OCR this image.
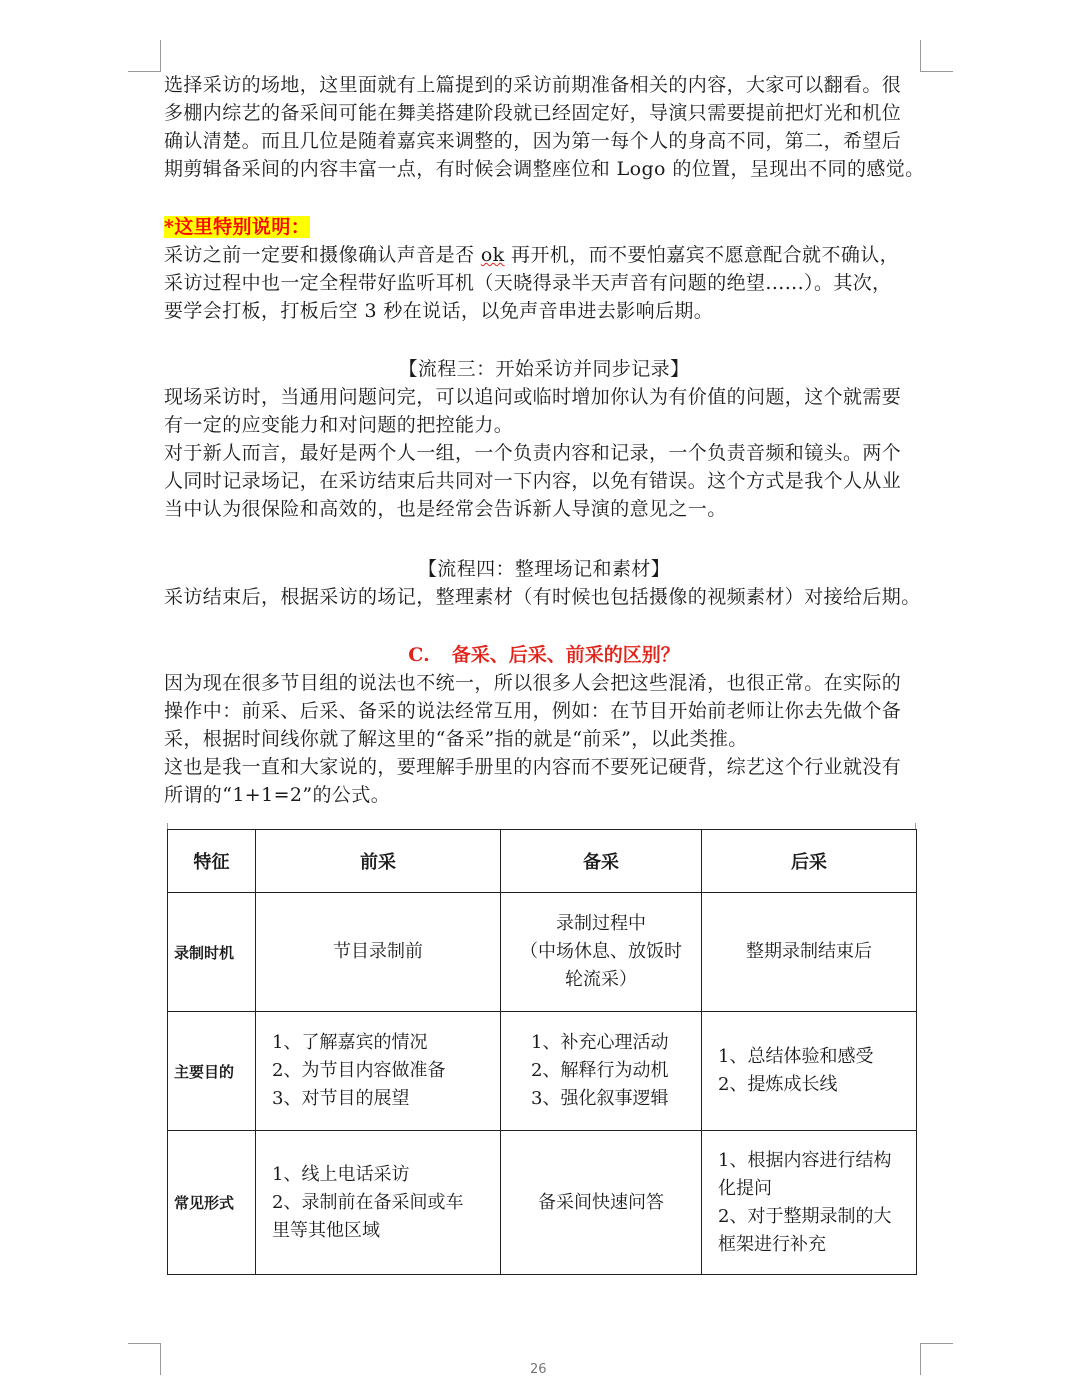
选择采访的场地，这里面就有上篇提到的采访前期准备相关的内容，大家可以翻看。很
多棚内综艺的备采间可能在舞美搭建阶段就已经固定好，导演只需要提前把灯光和机位
确认清楚。而且几位是随着嘉宾来调整的，因为第一每个人的身高不同，第二，希望后
期剪辑备采间的内容丰富一点，有时候会调整座位和 Logo 的位置，呈现出不同的感觉。
*这里特别说明：
采访之前一定要和摄像确认声音是否 ok 再开机，而不要怕嘉宾不愿意配合就不确认，
采访过程中也一定全程带好监听耳机（天晓得录半天声音有问题的绝望......）。其次，
要学会打板，打板后空 3 秒在说话，以免声音串进去影响后期。
【流程三：开始采访并同步记录】
现场采访时，当通用问题问完，可以追问或临时增加你认为有价值的问题，这个就需要
有一定的应变能力和对问题的把控能力。
对于新人而言，最好是两个人一组，一个负责内容和记录，一个负责音频和镜头。两个
人同时记录场记，在采访结束后共同对一下内容，以免有错误。这个方式是我个人从业
当中认为很保险和高效的，也是经常会告诉新人导演的意见之一。
【流程四：整理场记和素材】
采访结束后，根据采访的场记，整理素材（有时候也包括摄像的视频素材）对接给后期。
C. 备采、后采、前采的区别？
因为现在很多节目组的说法也不统一，所以很多人会把这些混淆，也很正常。在实际的
操作中：前采、后采、备采的说法经常互用，例如：在节目开始前老师让你去先做个备
采，根据时间线你就了解这里的“备采”指的就是“前采”，以此类推。
这也是我一直和大家说的，要理解手册里的内容而不要死记硬背，综艺这个行业就没有
所谓的“1+1=2”的公式。
特征	前采	备采	后采
录制时机	节目录制前	录制过程中
（中场休息、放饭时
轮流采）	整期录制结束后

主要目的	1、了解嘉宾的情况
2、为节目内容做准备
3、对节目的展望	1、补充心理活动
2、解释行为动机
3、强化叙事逻辑	1、总结体验和感受
2、提炼成长线

常见形式	1、线上电话采访
2、录制前在备采间或车
里等其他区域	备采间快速问答	1、根据内容进行结构
化提问
2、对于整期录制的大
框架进行补充
26
